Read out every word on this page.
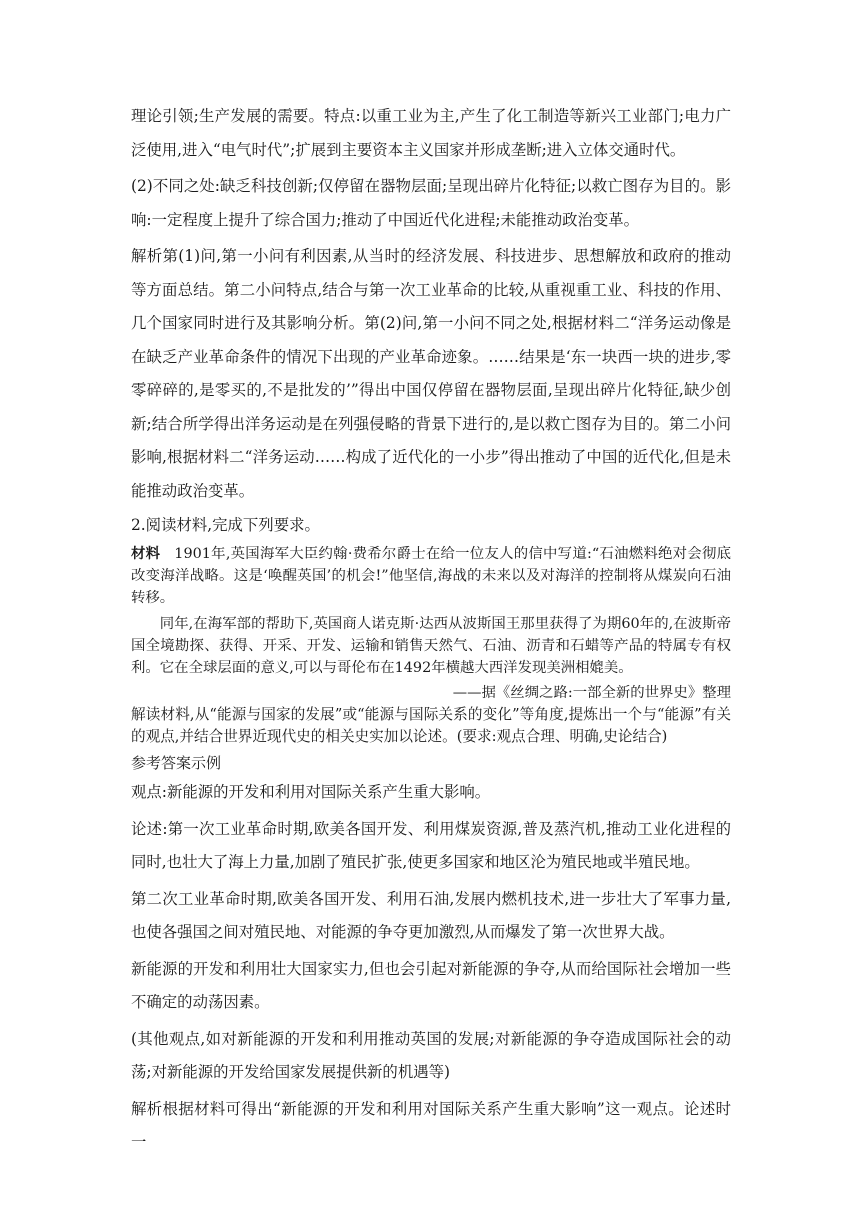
理论引领;生产发展的需要。特点:以重工业为主,产生了化工制造等新兴工业部门;电力广泛使用,进入“电气时代”;扩展到主要资本主义国家并形成垄断;进入立体交通时代。

(2)不同之处:缺乏科技创新;仅停留在器物层面;呈现出碎片化特征;以救亡图存为目的。影响:一定程度上提升了综合国力;推动了中国近代化进程;未能推动政治变革。

解析第(1)问,第一小问有利因素,从当时的经济发展、科技进步、思想解放和政府的推动等方面总结。第二小问特点,结合与第一次工业革命的比较,从重视重工业、科技的作用、几个国家同时进行及其影响分析。第(2)问,第一小问不同之处,根据材料二“洋务运动像是在缺乏产业革命条件的情况下出现的产业革命迹象。……结果是‘东一块西一块的进步,零零碎碎的,是零买的,不是批发的’”得出中国仅停留在器物层面,呈现出碎片化特征,缺少创新;结合所学得出洋务运动是在列强侵略的背景下进行的,是以救亡图存为目的。第二小问影响,根据材料二“洋务运动……构成了近代化的一小步”得出推动了中国的近代化,但是未能推动政治变革。

2.阅读材料,完成下列要求。

材料 1901年,英国海军大臣约翰·费希尔爵士在给一位友人的信中写道:“石油燃料绝对会彻底改变海洋战略。这是‘唤醒英国’的机会!”他坚信,海战的未来以及对海洋的控制将从煤炭向石油转移。

同年,在海军部的帮助下,英国商人诺克斯·达西从波斯国王那里获得了为期60年的,在波斯帝国全境勘探、获得、开采、开发、运输和销售天然气、石油、沥青和石蜡等产品的特属专有权利。它在全球层面的意义,可以与哥伦布在1492年横越大西洋发现美洲相媲美。

——据《丝绸之路:一部全新的世界史》整理

解读材料,从“能源与国家的发展”或“能源与国际关系的变化”等角度,提炼出一个与“能源”有关的观点,并结合世界近现代史的相关史实加以论述。(要求:观点合理、明确,史论结合)

参考答案示例

观点:新能源的开发和利用对国际关系产生重大影响。

论述:第一次工业革命时期,欧美各国开发、利用煤炭资源,普及蒸汽机,推动工业化进程的同时,也壮大了海上力量,加剧了殖民扩张,使更多国家和地区沦为殖民地或半殖民地。

第二次工业革命时期,欧美各国开发、利用石油,发展内燃机技术,进一步壮大了军事力量,也使各强国之间对殖民地、对能源的争夺更加激烈,从而爆发了第一次世界大战。

新能源的开发和利用壮大国家实力,但也会引起对新能源的争夺,从而给国际社会增加一些不确定的动荡因素。

(其他观点,如对新能源的开发和利用推动英国的发展;对新能源的争夺造成国际社会的动荡;对新能源的开发给国家发展提供新的机遇等)

解析根据材料可得出“新能源的开发和利用对国际关系产生重大影响”这一观点。论述时一
